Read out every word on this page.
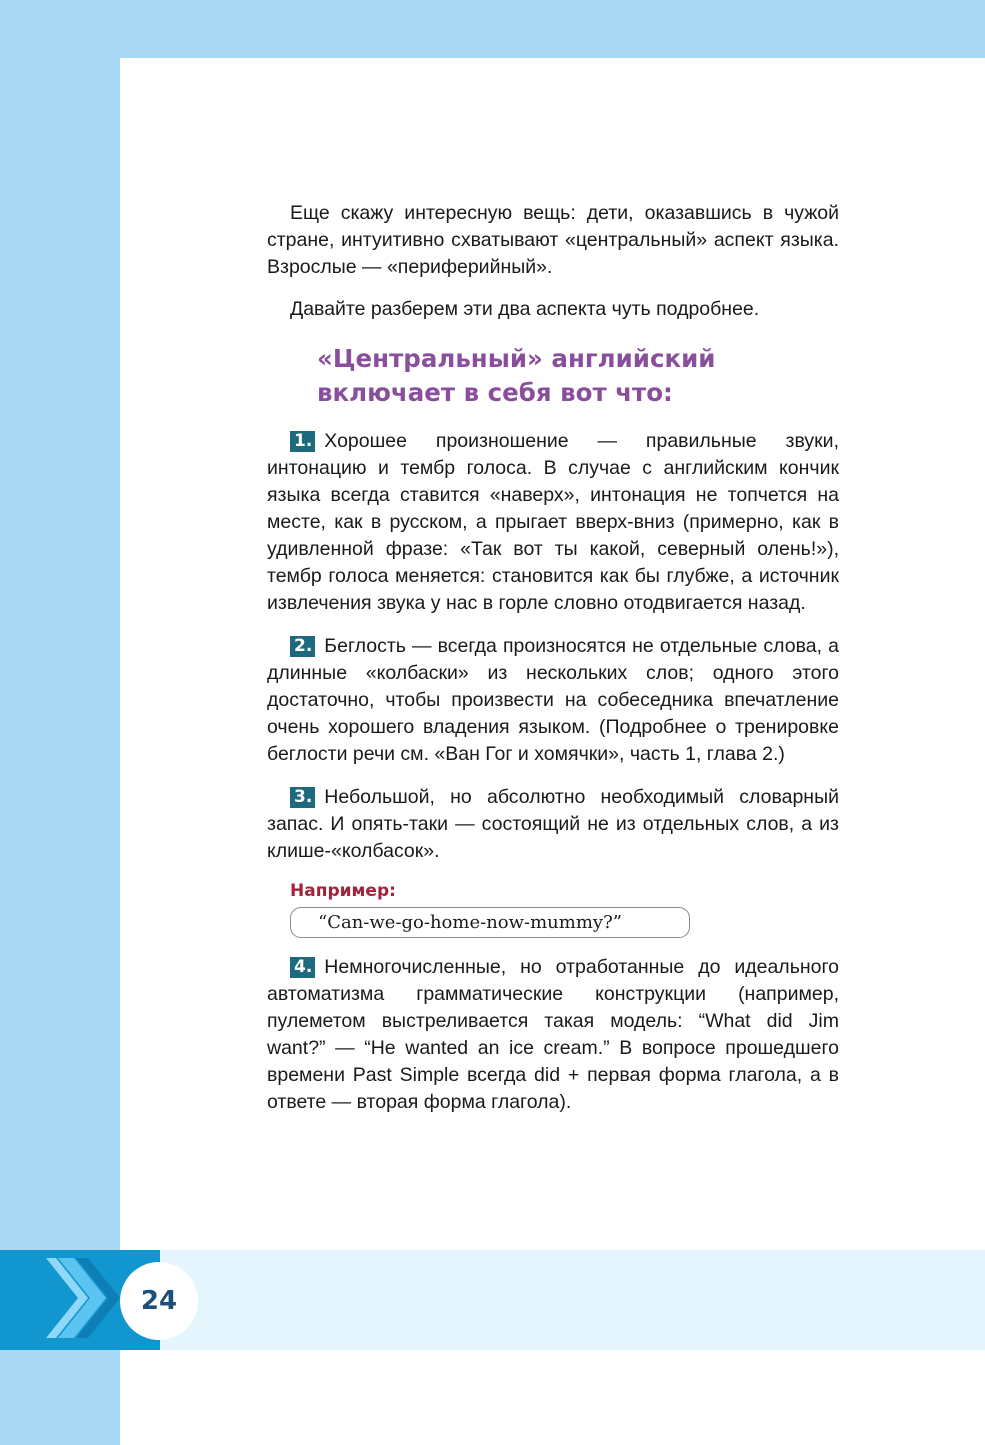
Еще скажу интересную вещь: дети, оказавшись в чужой стране, интуитивно схватывают «центральный» аспект языка. Взрослые — «периферийный».

Давайте разберем эти два аспекта чуть подробнее.

«Центральный» английский включает в себя вот что:

1. Хорошее произношение — правильные звуки, интонацию и тембр голоса. В случае с английским кончик языка всегда ставится «наверх», интонация не топчется на месте, как в русском, а прыгает вверх-вниз (примерно, как в удивленной фразе: «Так вот ты какой, северный олень!»), тембр голоса меняется: становится как бы глубже, а источник извлечения звука у нас в горле словно отодвигается назад.

2. Беглость — всегда произносятся не отдельные слова, а длинные «колбаски» из нескольких слов; одного этого достаточно, чтобы произвести на собеседника впечатление очень хорошего владения языком. (Подробнее о тренировке беглости речи см. «Ван Гог и хомячки», часть 1, глава 2.)

3. Небольшой, но абсолютно необходимый словарный запас. И опять-таки — состоящий не из отдельных слов, а из клише-«колбасок».

Например:
“Can-we-go-home-now-mummy?”

4. Немногочисленные, но отработанные до идеального автоматизма грамматические конструкции (например, пулеметом выстреливается такая модель: “What did Jim want?” — “He wanted an ice cream.” В вопросе прошедшего времени Past Simple всегда did + первая форма глагола, а в ответе — вторая форма глагола).

24
